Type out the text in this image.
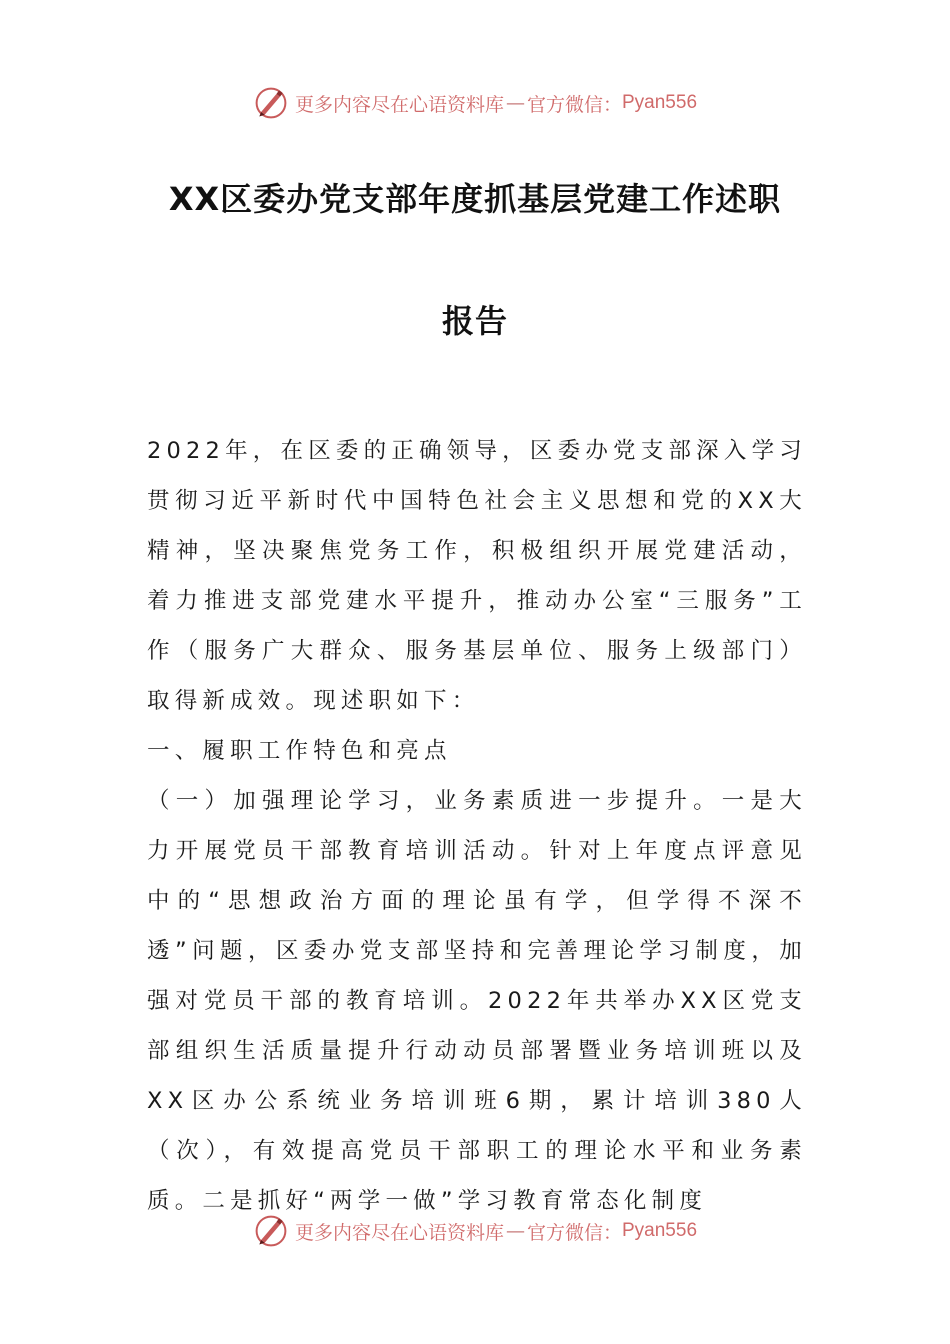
更多内容尽在心语资料库 — 官方微信： Pyan556
XX区委办党支部年度抓基层党建工作述职
报告

2022年，在区委的正确领导，区委办党支部深入学习贯彻习近平新时代中国特色社会主义思想和党的XX大精神，坚决聚焦党务工作，积极组织开展党建活动，着力推进支部党建水平提升，推动办公室“三服务”工作（服务广大群众、服务基层单位、服务上级部门）取得新成效。现述职如下：

一、履职工作特色和亮点

（一）加强理论学习，业务素质进一步提升。一是大力开展党员干部教育培训活动。针对上年度点评意见中的“思想政治方面的理论虽有学，但学得不深不透”问题，区委办党支部坚持和完善理论学习制度，加强对党员干部的教育培训。2022年共举办XX区党支部组织生活质量提升行动动员部署暨业务培训班以及XX区办公系统业务培训班6期，累计培训380人（次），有效提高党员干部职工的理论水平和业务素质。二是抓好“两学一做”学习教育常态化制度

更多内容尽在心语资料库 — 官方微信： Pyan556
